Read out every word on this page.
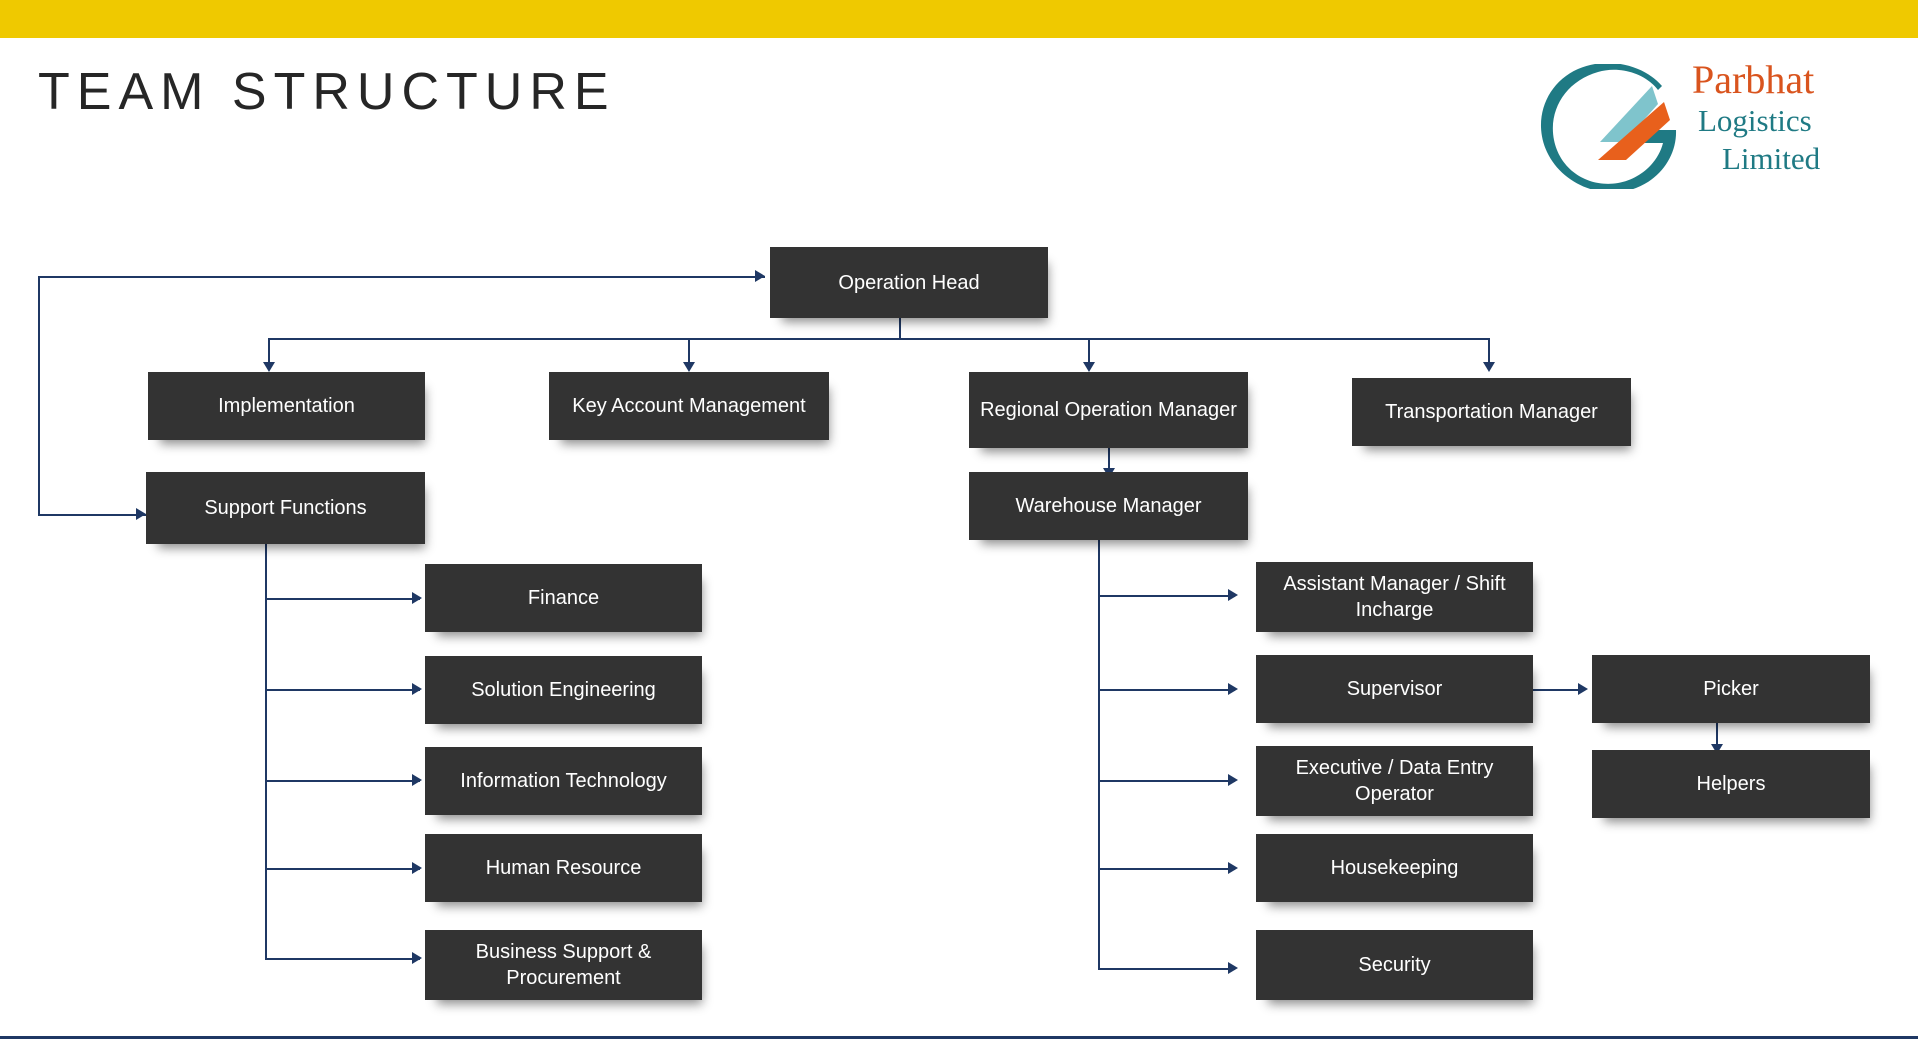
TEAM STRUCTURE	Parbhat
Logistics
Limited
Operation Head
Implementation	Key Account Management	Regional Operation Manager	Transportation Manager
Support Functions	Warehouse Manager
Finance
Solution Engineering
Information Technology
Human Resource
Business Support & Procurement
Assistant Manager / Shift Incharge
Supervisor
Executive / Data Entry Operator
Housekeeping
Security
Picker
Helpers
